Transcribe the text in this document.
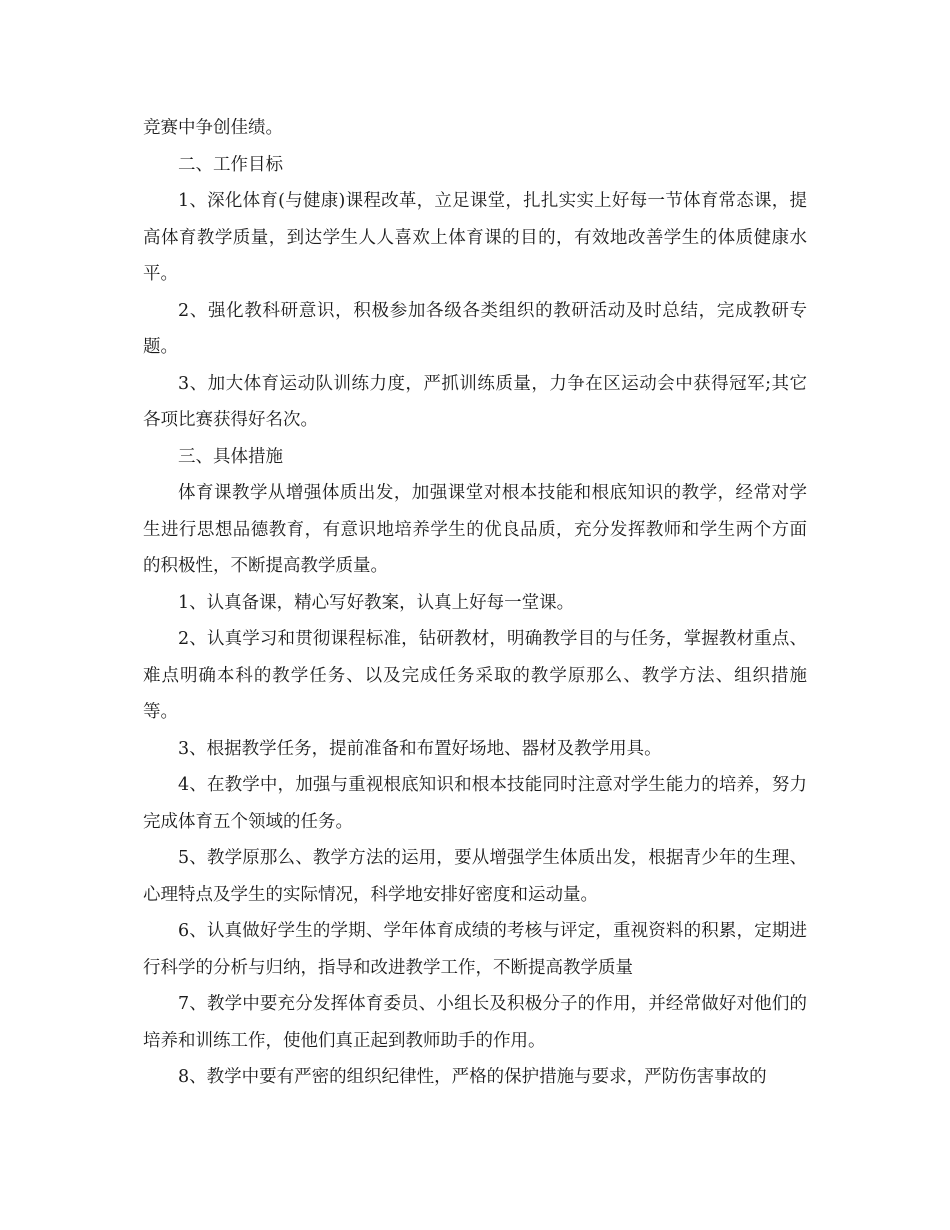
竞赛中争创佳绩。

二、工作目标

1、深化体育(与健康)课程改革，立足课堂，扎扎实实上好每一节体育常态课，提高体育教学质量，到达学生人人喜欢上体育课的目的，有效地改善学生的体质健康水平。

2、强化教科研意识，积极参加各级各类组织的教研活动及时总结，完成教研专题。

3、加大体育运动队训练力度，严抓训练质量，力争在区运动会中获得冠军;其它各项比赛获得好名次。

三、具体措施

体育课教学从增强体质出发，加强课堂对根本技能和根底知识的教学，经常对学生进行思想品德教育，有意识地培养学生的优良品质，充分发挥教师和学生两个方面的积极性，不断提高教学质量。

1、认真备课，精心写好教案，认真上好每一堂课。

2、认真学习和贯彻课程标准，钻研教材，明确教学目的与任务，掌握教材重点、难点明确本科的教学任务、以及完成任务采取的教学原那么、教学方法、组织措施等。

3、根据教学任务，提前准备和布置好场地、器材及教学用具。

4、在教学中，加强与重视根底知识和根本技能同时注意对学生能力的培养，努力完成体育五个领域的任务。

5、教学原那么、教学方法的运用，要从增强学生体质出发，根据青少年的生理、心理特点及学生的实际情况，科学地安排好密度和运动量。

6、认真做好学生的学期、学年体育成绩的考核与评定，重视资料的积累，定期进行科学的分析与归纳，指导和改进教学工作，不断提高教学质量

7、教学中要充分发挥体育委员、小组长及积极分子的作用，并经常做好对他们的培养和训练工作，使他们真正起到教师助手的作用。

8、教学中要有严密的组织纪律性，严格的保护措施与要求，严防伤害事故的
